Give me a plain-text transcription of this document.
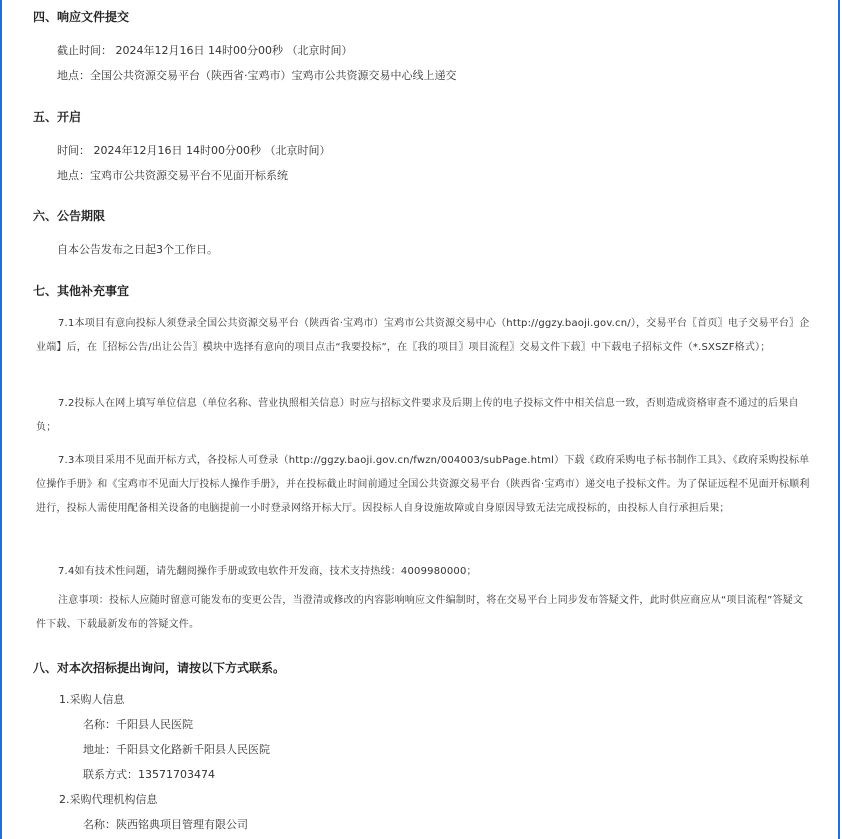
四、响应文件提交
截止时间： 2024年12月16日 14时00分00秒 （北京时间）
地点：全国公共资源交易平台（陕西省·宝鸡市）宝鸡市公共资源交易中心线上递交
五、开启
时间： 2024年12月16日 14时00分00秒 （北京时间）
地点：宝鸡市公共资源交易平台不见面开标系统
六、公告期限
自本公告发布之日起3个工作日。
七、其他补充事宜
7.1本项目有意向投标人须登录全国公共资源交易平台（陕西省·宝鸡市）宝鸡市公共资源交易中心（http://ggzy.baoji.gov.cn/），交易平台〖首页〗电子交易平台〗企业端】后，在〖招标公告/出让公告〗模块中选择有意向的项目点击“我要投标”，在〖我的项目〗项目流程〗交易文件下载〗中下载电子招标文件（*.SXSZF格式）；
7.2投标人在网上填写单位信息（单位名称、营业执照相关信息）时应与招标文件要求及后期上传的电子投标文件中相关信息一致，否则造成资格审查不通过的后果自负；
7.3本项目采用不见面开标方式，各投标人可登录（http://ggzy.baoji.gov.cn/fwzn/004003/subPage.html）下载《政府采购电子标书制作工具》、《政府采购投标单位操作手册》和《宝鸡市不见面大厅投标人操作手册》，并在投标截止时间前通过全国公共资源交易平台（陕西省·宝鸡市）递交电子投标文件。为了保证远程不见面开标顺利进行，投标人需使用配备相关设备的电脑提前一小时登录网络开标大厅。因投标人自身设施故障或自身原因导致无法完成投标的，由投标人自行承担后果；
7.4如有技术性问题，请先翻阅操作手册或致电软件开发商，技术支持热线：4009980000；
注意事项：投标人应随时留意可能发布的变更公告，当澄清或修改的内容影响响应文件编制时，将在交易平台上同步发布答疑文件，此时供应商应从“项目流程”答疑文件下载、下载最新发布的答疑文件。
八、对本次招标提出询问，请按以下方式联系。
1.采购人信息
名称：千阳县人民医院
地址：千阳县文化路新千阳县人民医院
联系方式：13571703474
2.采购代理机构信息
名称：陕西铭典项目管理有限公司
